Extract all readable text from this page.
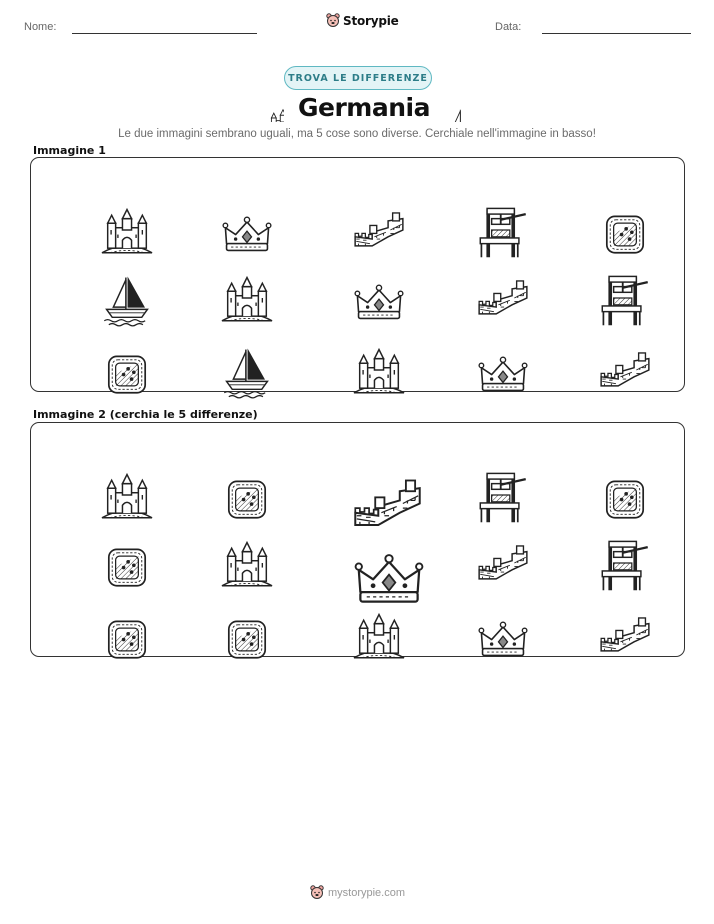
Nome:	Storypie	Data:
TROVA LE DIFFERENZE
Germania
Le due immagini sembrano uguali, ma 5 cose sono diverse. Cerchiale nell'immagine in basso!
Immagine 1
Immagine 2 (cerchia le 5 differenze)
mystorypie.com
